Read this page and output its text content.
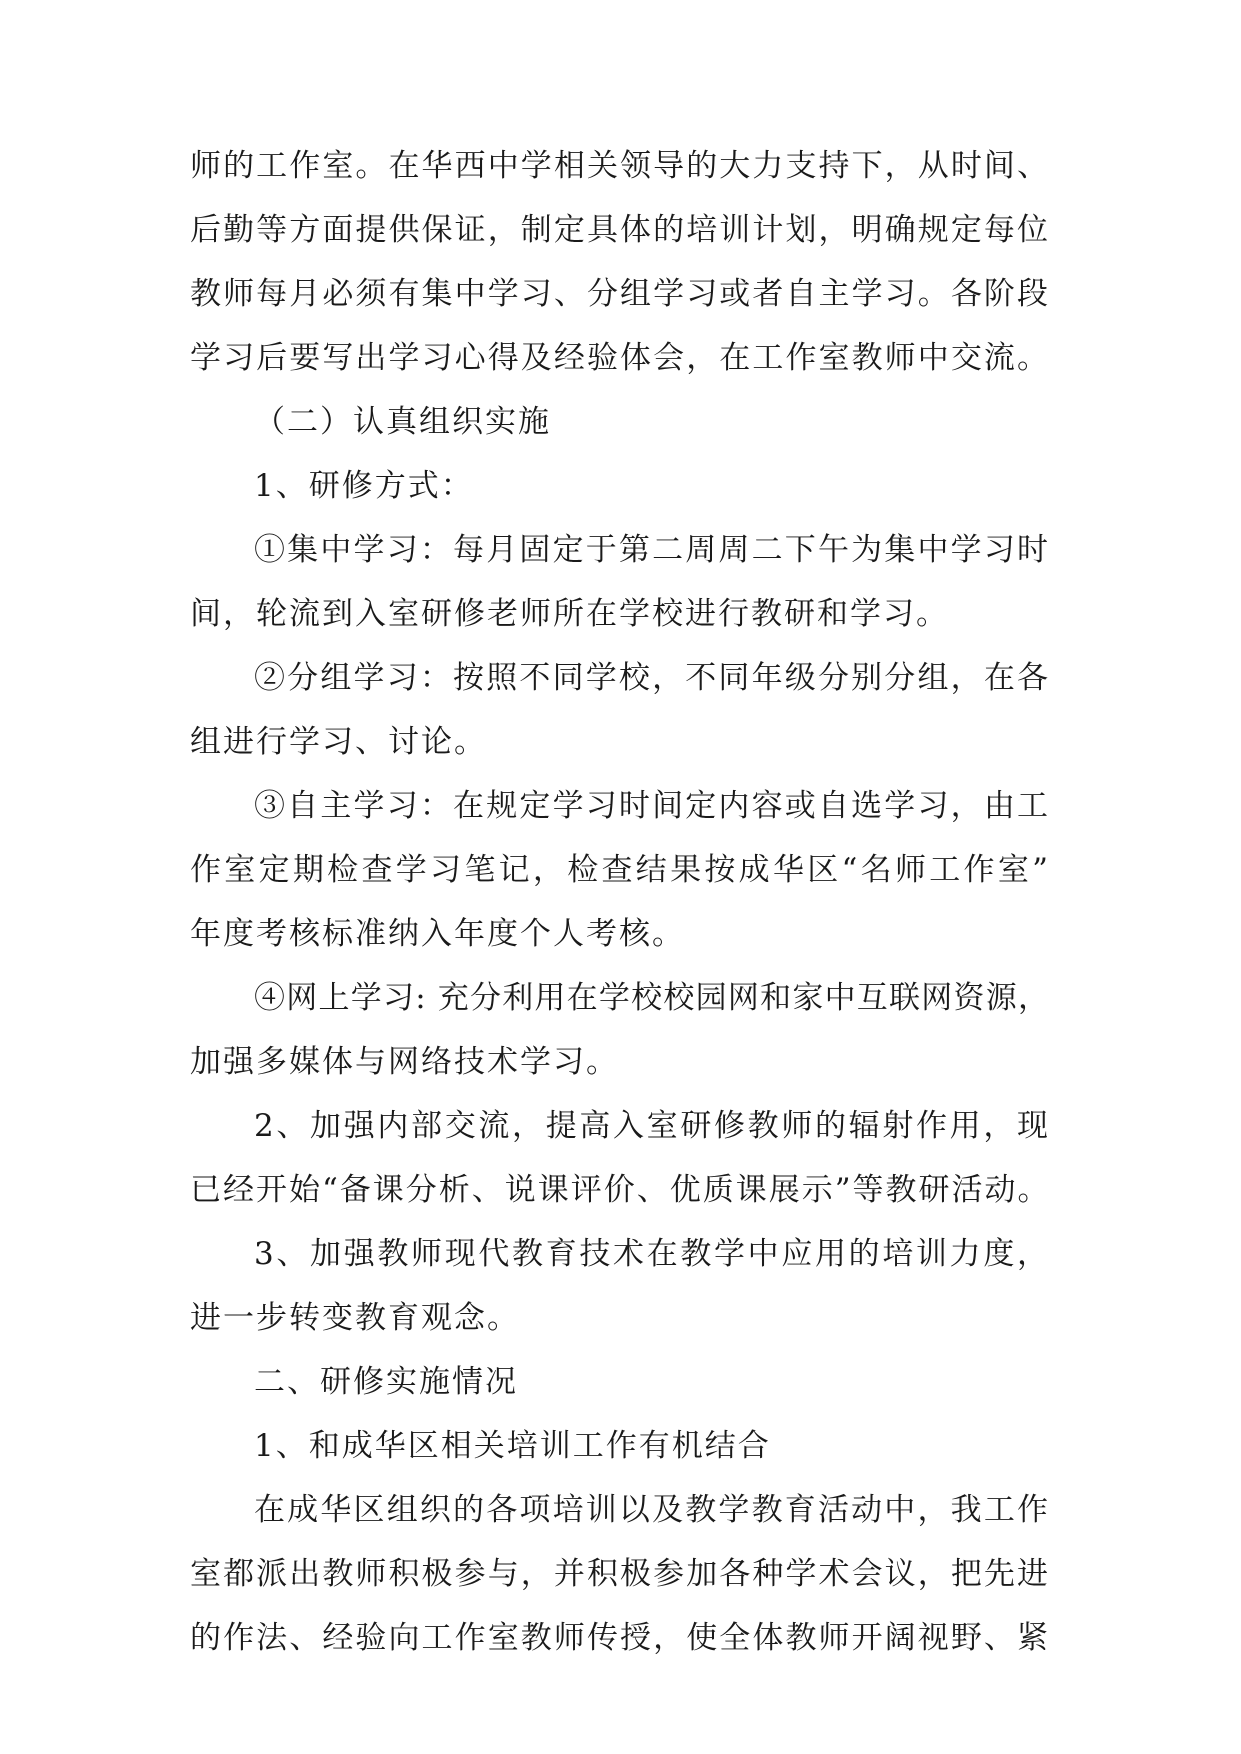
师的工作室。在华西中学相关领导的大力支持下，从时间、
后勤等方面提供保证，制定具体的培训计划，明确规定每位
教师每月必须有集中学习、分组学习或者自主学习。各阶段
学习后要写出学习心得及经验体会，在工作室教师中交流。
（二）认真组织实施
1、研修方式：
①集中学习：每月固定于第二周周二下午为集中学习时
间，轮流到入室研修老师所在学校进行教研和学习。
②分组学习：按照不同学校，不同年级分别分组，在各
组进行学习、讨论。
③自主学习：在规定学习时间定内容或自选学习，由工
作室定期检查学习笔记，检查结果按成华区“名师工作室”
年度考核标准纳入年度个人考核。
④网上学习: 充分利用在学校校园网和家中互联网资源，
加强多媒体与网络技术学习。
2、加强内部交流，提高入室研修教师的辐射作用，现
已经开始“备课分析、说课评价、优质课展示”等教研活动。
3、加强教师现代教育技术在教学中应用的培训力度，
进一步转变教育观念。
二、研修实施情况
1、和成华区相关培训工作有机结合
在成华区组织的各项培训以及教学教育活动中，我工作
室都派出教师积极参与，并积极参加各种学术会议，把先进
的作法、经验向工作室教师传授，使全体教师开阔视野、紧
